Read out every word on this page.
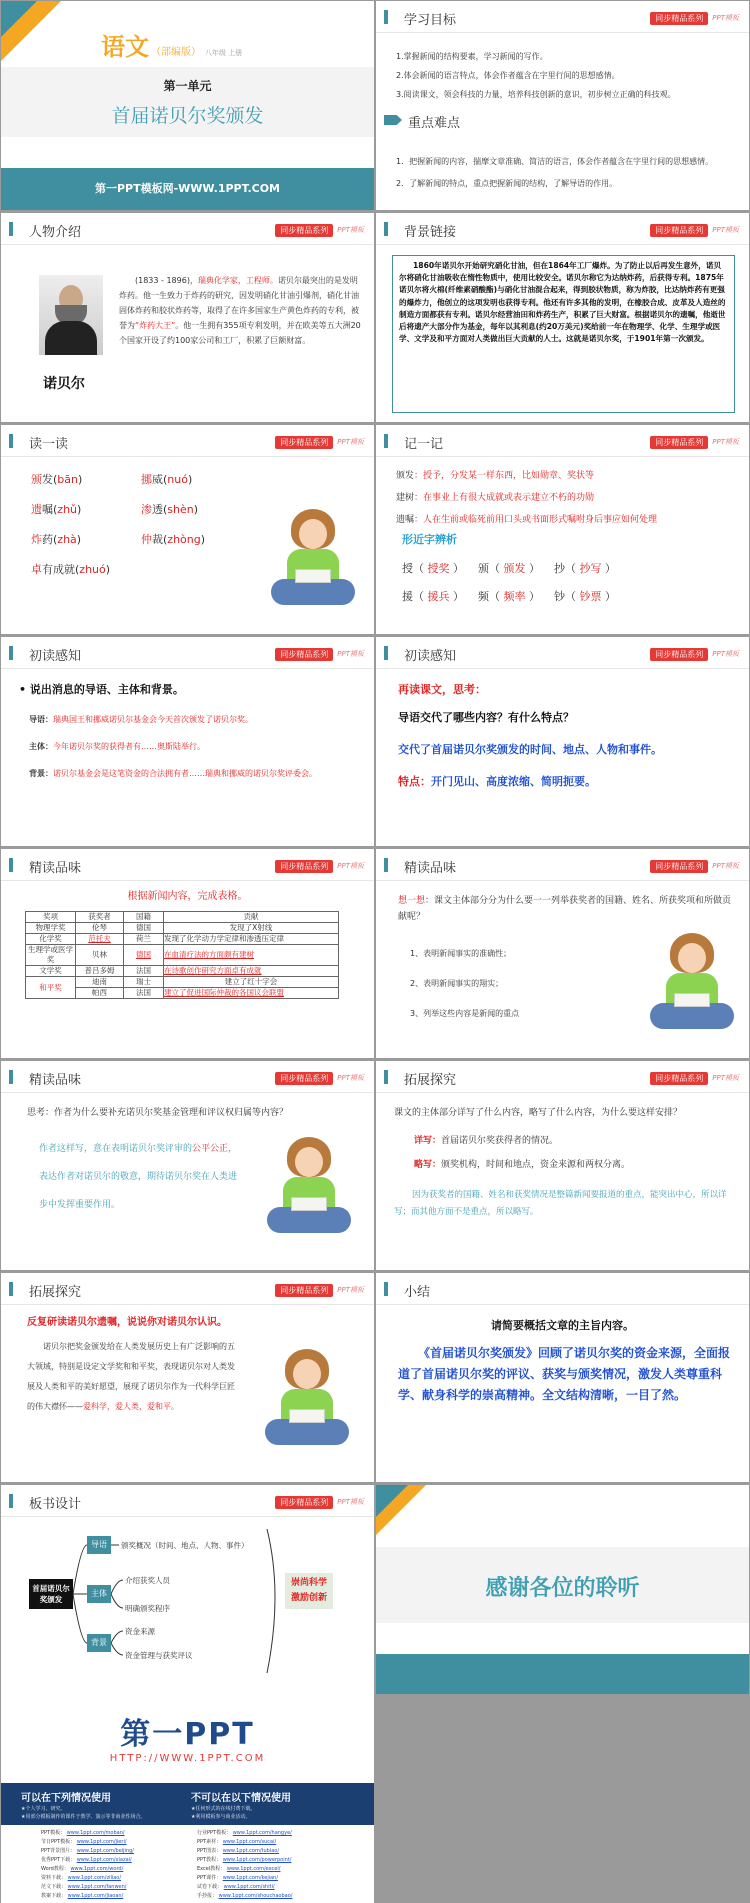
语文 （部编版） 八年级 上册
第一单元
首届诺贝尔奖颁发
第一PPT模板网-WWW.1PPT.COM
学习目标	同步精品系列	PPT模板
1.掌握新闻的结构要素，学习新闻的写作。
2.体会新闻的语言特点，体会作者蕴含在字里行间的思想感情。
3.阅读课文，领会科技的力量，培养科技创新的意识，初步树立正确的科技观。
重点难点
1．把握新闻的内容，揣摩文章准确、简洁的语言，体会作者蕴含在字里行间的思想感情。
2．了解新闻的特点，重点把握新闻的结构，了解导语的作用。
人物介绍	同步精品系列	PPT模板
诺贝尔
(1833 - 1896)，瑞典化学家，工程师。诺贝尔最突出的是发明炸药。他一生致力于炸药的研究，因发明硝化甘油引爆剂，硝化甘油固体炸药和胶状炸药等，取得了在许多国家生产黄色炸药的专利，被誉为“炸药大王”。他一生拥有355项专利发明，并在欧美等五大洲20个国家开设了约100家公司和工厂，积累了巨额财富。
背景链接	同步精品系列	PPT模板
1860年诺贝尔开始研究硝化甘油，但在1864年工厂爆炸。为了防止以后再发生意外，诺贝尔将硝化甘油吸收在惰性物质中，使用比较安全。诺贝尔称它为达纳炸药，后获得专利。1875年诺贝尔将火棉(纤维素硝酸酯)与硝化甘油混合起来，得到胶状物质，称为炸胶，比达纳炸药有更强的爆炸力，他创立的这项发明也获得专利。他还有许多其他的发明，在橡胶合成、皮革及人造丝的制造方面都获有专利。诺贝尔经营油田和炸药生产，积累了巨大财富。根据诺贝尔的遗嘱，他逝世后将遗产大部分作为基金，每年以其利息(约20万美元)奖给前一年在物理学、化学、生理学或医学、文学及和平方面对人类做出巨大贡献的人士。这就是诺贝尔奖，于1901年第一次颁发。
读一读	同步精品系列	PPT模板
颁发(bān)	挪威(nuó)
遗嘱(zhǔ)	渗透(shèn)
炸药(zhà)	仲裁(zhòng)
卓有成就(zhuó)
记一记	同步精品系列	PPT模板
颁发：授予，分发某一样东西，比如勋章、奖状等
建树：在事业上有很大成就或表示建立不朽的功勋
遗嘱：人在生前或临死前用口头或书面形式嘱咐身后事应如何处理
形近字辨析
授（ 授奖 ） 颁（ 颁发 ） 抄（ 抄写 ）
援（ 援兵 ） 频（ 频率 ） 钞（ 钞票 ）
初读感知	同步精品系列	PPT模板
• 说出消息的导语、主体和背景。
导语：瑞典国王和挪威诺贝尔基金会今天首次颁发了诺贝尔奖。
主体：今年诺贝尔奖的获得者有……奥斯陆举行。
背景：诺贝尔基金会是这笔资金的合法拥有者……瑞典和挪威的诺贝尔奖评委会。
初读感知	同步精品系列	PPT模板
再读课文，思考：
导语交代了哪些内容？有什么特点？
交代了首届诺贝尔奖颁发的时间、地点、人物和事件。
特点：开门见山、高度浓缩、简明扼要。
精读品味	同步精品系列	PPT模板
根据新闻内容，完成表格。
奖项	获奖者	国籍	贡献
物理学奖	伦琴	德国	发现了X射线
化学奖	范托夫	荷兰	发现了化学动力学定律和渗透压定律
生理学或医学奖	贝林	德国	在血清疗法的方面颇有建树
文学奖	普吕多姆	法国	在诗歌创作研究方面卓有成就
和平奖	迪南	瑞士	建立了红十字会
	帕西	法国	建立了促进国际仲裁的各国议会联盟
精读品味	同步精品系列	PPT模板
想一想：课文主体部分分为什么要一一列举获奖者的国籍、姓名、所获奖项和所做贡献呢？
1、表明新闻事实的准确性；
2、表明新闻事实的翔实；
3、列举这些内容是新闻的重点
精读品味	同步精品系列	PPT模板
思考：作者为什么要补充诺贝尔奖基金管理和评议权归属等内容？
作者这样写，意在表明诺贝尔奖评审的公平公正，表达作者对诺贝尔的敬意，期待诺贝尔奖在人类进步中发挥重要作用。
拓展探究	同步精品系列	PPT模板
课文的主体部分详写了什么内容，略写了什么内容，为什么要这样安排？
详写：首届诺贝尔奖获得者的情况。
略写：颁奖机构，时间和地点，资金来源和两权分离。
因为获奖者的国籍、姓名和获奖情况是整篇新闻要报道的重点，能突出中心，所以详写；而其他方面不是重点，所以略写。
拓展探究	同步精品系列	PPT模板
反复研读诺贝尔遗嘱，说说你对诺贝尔认识。
诺贝尔把奖金颁发给在人类发展历史上有广泛影响的五大领域，特别是设定文学奖和和平奖，表现诺贝尔对人类发展及人类和平的美好愿望，展现了诺贝尔作为一代科学巨匠的伟大襟怀——爱科学，爱人类，爱和平。
小结
请简要概括文章的主旨内容。
《首届诺贝尔奖颁发》回顾了诺贝尔奖的资金来源，全面报道了首届诺贝尔奖的评议、获奖与颁奖情况，激发人类尊重科学、献身科学的崇高精神。全文结构清晰，一目了然。
板书设计	同步精品系列	PPT模板
首届诺贝尔奖颁发
导语
主体
背景
颁奖概况（时间、地点、人物、事件）
介绍获奖人员
明确颁奖程序
资金来源
资金管理与获奖评议
崇尚科学 激励创新	感谢各位的聆听
第一PPT
HTTP://WWW.1PPT.COM
可以在下列情况使用	不可以在以下情况使用
★个人学习、研究。
★用部分模板制作的课件于教学、演示等非商业性场合。
★任何形式的在线付费下载。
★利用模板参与商业活动。
PPT模板： www.1ppt.com/moban/
节日PPT模板： www.1ppt.com/jieri/
PPT背景图片： www.1ppt.com/beijing/
优秀PPT下载： www.1ppt.com/xiazai/
Word教程： www.1ppt.com/word/
资料下载： www.1ppt.com/ziliao/
范文下载： www.1ppt.com/fanwen/
教案下载： www.1ppt.com/jiaoan/
行业PPT模板： www.1ppt.com/hangye/
PPT素材： www.1ppt.com/sucai/
PPT图表： www.1ppt.com/tubiao/
PPT教程： www.1ppt.com/powerpoint/
Excel教程： www.1ppt.com/excel/
PPT课件： www.1ppt.com/kejian/
试卷下载： www.1ppt.com/shiti/
手抄报： www.1ppt.com/shouchaobao/
